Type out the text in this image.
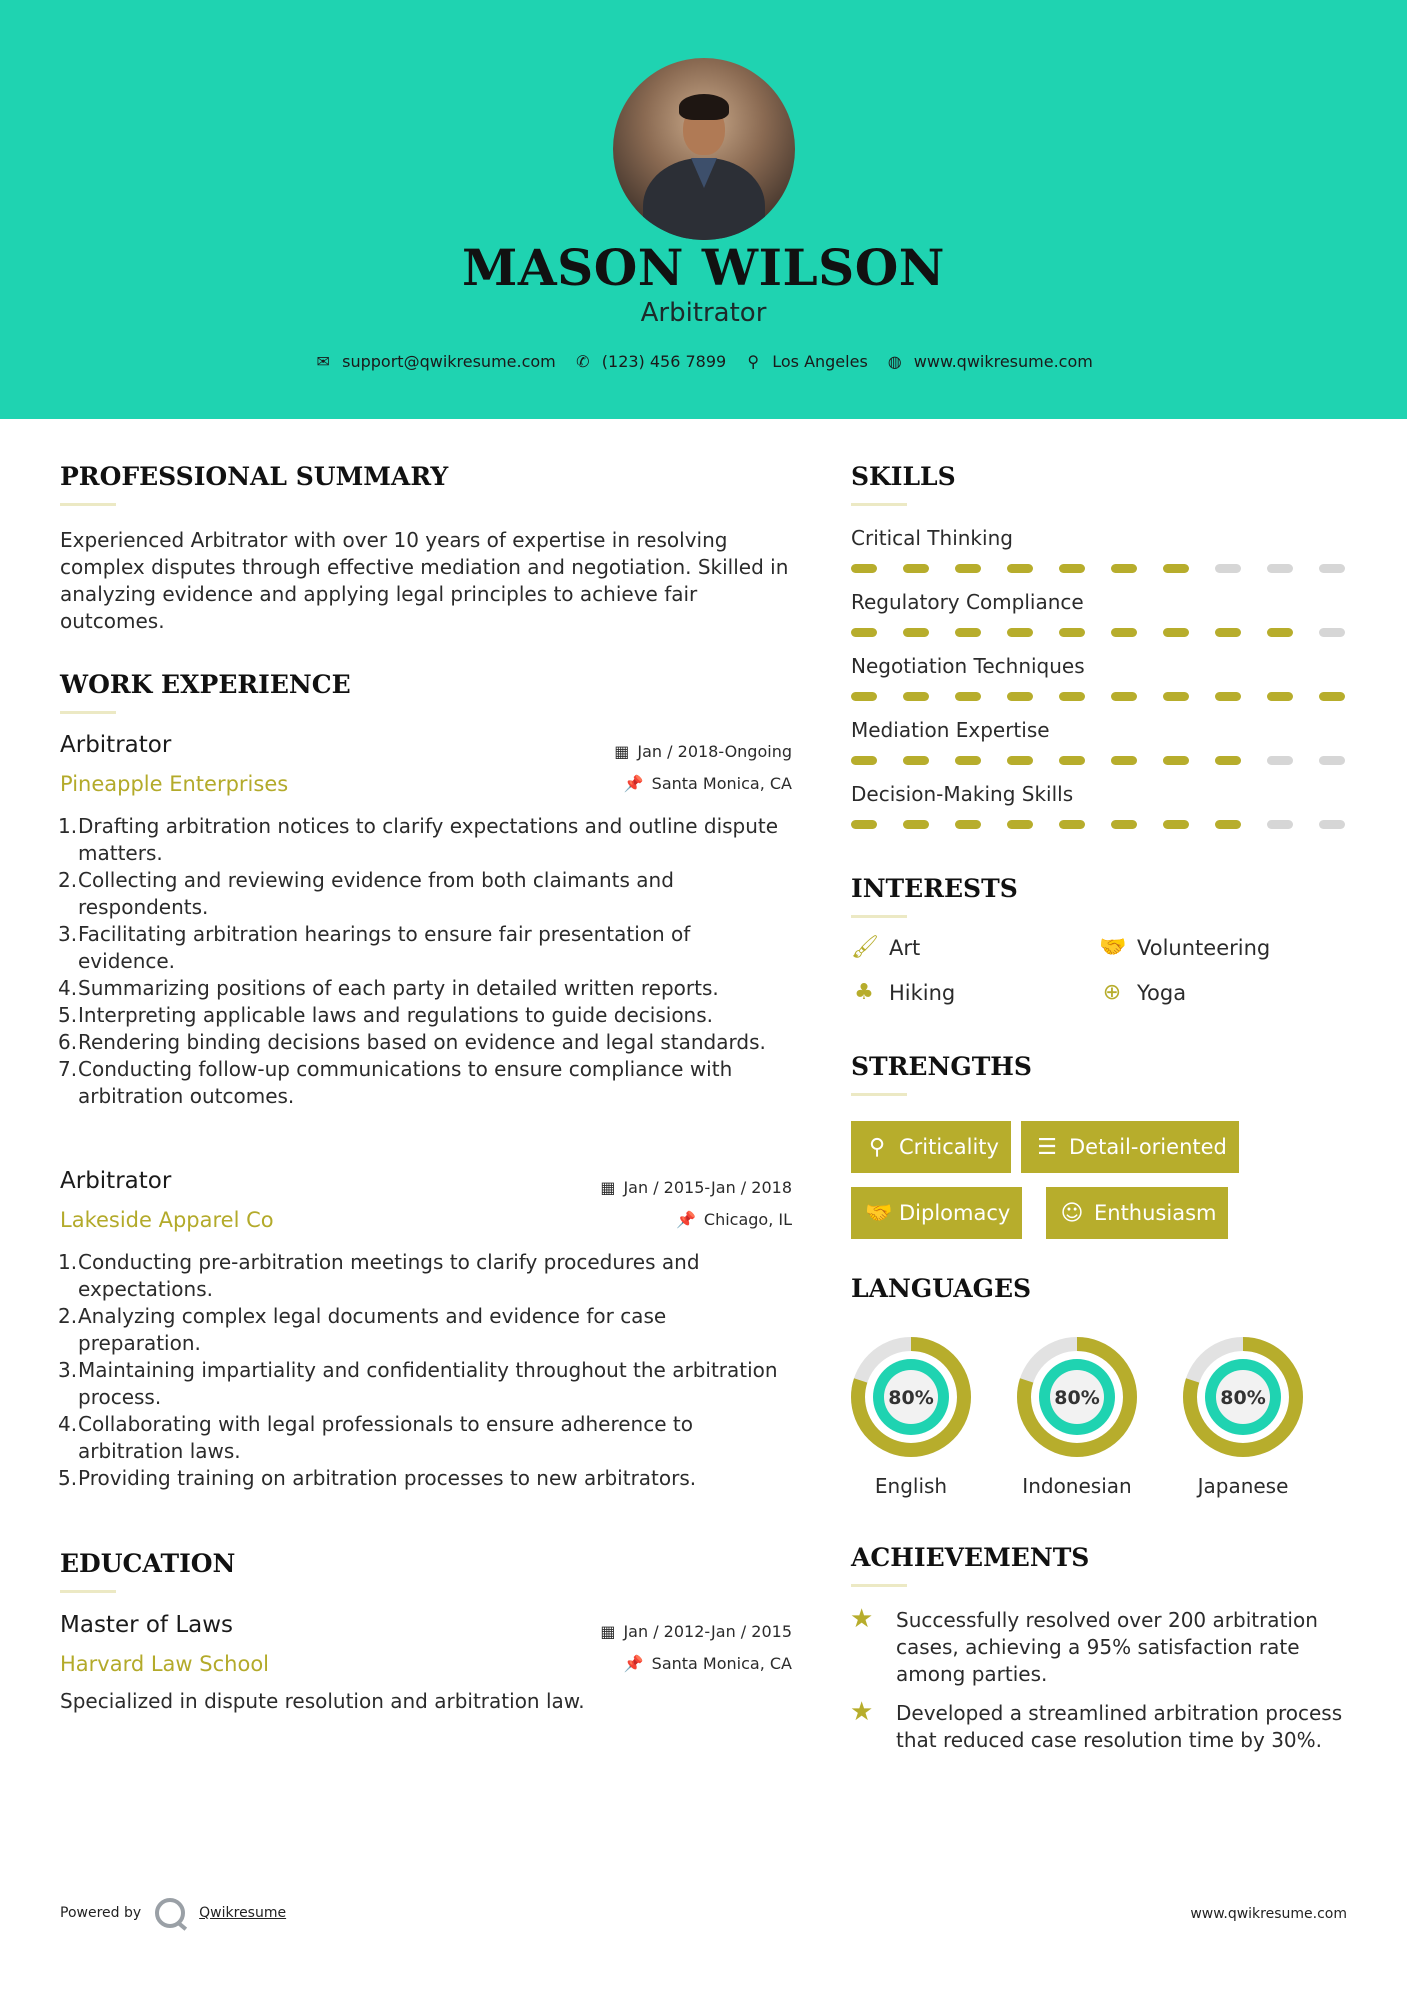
MASON WILSON
Arbitrator
✉ support@qwikresume.com ✆ (123) 456 7899 ⚲ Los Angeles ◍ www.qwikresume.com
PROFESSIONAL SUMMARY
Experienced Arbitrator with over 10 years of expertise in resolving complex disputes through effective mediation and negotiation. Skilled in analyzing evidence and applying legal principles to achieve fair outcomes.
WORK EXPERIENCE
Arbitrator
Pineapple Enterprises
▦ Jan / 2018-Ongoing
📌 Santa Monica, CA
1. Drafting arbitration notices to clarify expectations and outline dispute matters.
2. Collecting and reviewing evidence from both claimants and respondents.
3. Facilitating arbitration hearings to ensure fair presentation of evidence.
4. Summarizing positions of each party in detailed written reports.
5. Interpreting applicable laws and regulations to guide decisions.
6. Rendering binding decisions based on evidence and legal standards.
7. Conducting follow-up communications to ensure compliance with arbitration outcomes.
Arbitrator
Lakeside Apparel Co
▦ Jan / 2015-Jan / 2018
📌 Chicago, IL
1. Conducting pre-arbitration meetings to clarify procedures and expectations.
2. Analyzing complex legal documents and evidence for case preparation.
3. Maintaining impartiality and confidentiality throughout the arbitration process.
4. Collaborating with legal professionals to ensure adherence to arbitration laws.
5. Providing training on arbitration processes to new arbitrators.
EDUCATION
Master of Laws
Harvard Law School
▦ Jan / 2012-Jan / 2015
📌 Santa Monica, CA
Specialized in dispute resolution and arbitration law.
SKILLS
Critical Thinking
Regulatory Compliance
Negotiation Techniques
Mediation Expertise
Decision-Making Skills
INTERESTS
🖌 Art	🤝 Volunteering
♣ Hiking	⊕ Yoga
STRENGTHS
⚲ Criticality ☰ Detail-oriented
🤝 Diplomacy ☺ Enthusiasm
LANGUAGES
80%
English
80%
Indonesian
80%
Japanese
ACHIEVEMENTS
★ Successfully resolved over 200 arbitration cases, achieving a 95% satisfaction rate among parties.
★ Developed a streamlined arbitration process that reduced case resolution time by 30%.
Powered by	Qwikresume	www.qwikresume.com
